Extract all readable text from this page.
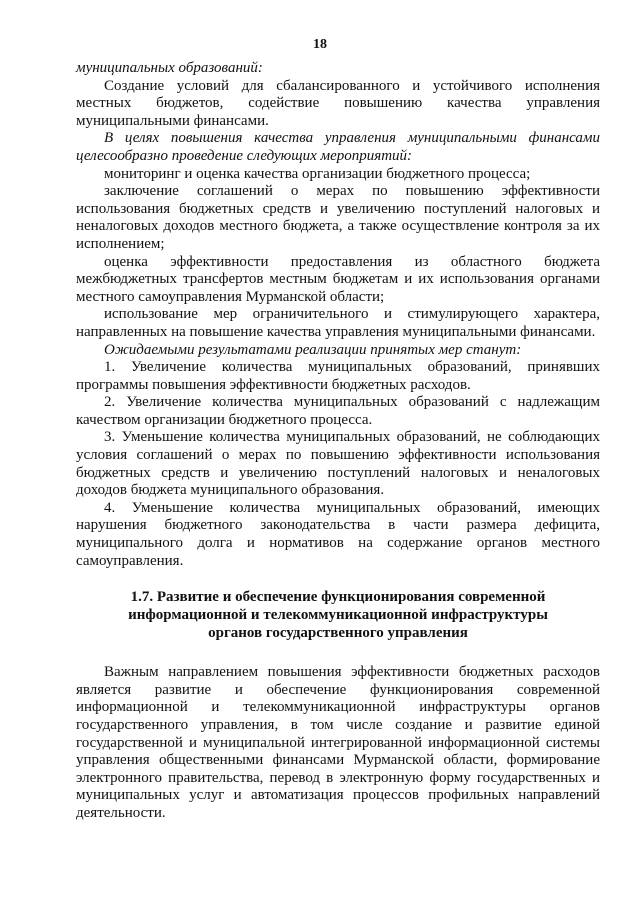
18

муниципальных образований:

Создание условий для сбалансированного и устойчивого исполнения местных бюджетов, содействие повышению качества управления муниципальными финансами.

В целях повышения качества управления муниципальными финансами целесообразно проведение следующих мероприятий:

мониторинг и оценка качества организации бюджетного процесса;

заключение соглашений о мерах по повышению эффективности использования бюджетных средств и увеличению поступлений налоговых и неналоговых доходов местного бюджета, а также осуществление контроля за их исполнением;

оценка эффективности предоставления из областного бюджета межбюджетных трансфертов местным бюджетам и их использования органами местного самоуправления Мурманской области;

использование мер ограничительного и стимулирующего характера, направленных на повышение качества управления муниципальными финансами.

Ожидаемыми результатами реализации принятых мер станут:

1. Увеличение количества муниципальных образований, принявших программы повышения эффективности бюджетных расходов.

2. Увеличение количества муниципальных образований с надлежащим качеством организации бюджетного процесса.

3. Уменьшение количества муниципальных образований, не соблюдающих условия соглашений о мерах по повышению эффективности использования бюджетных средств и увеличению поступлений налоговых и неналоговых доходов бюджета муниципального образования.

4. Уменьшение количества муниципальных образований, имеющих нарушения бюджетного законодательства в части размера дефицита, муниципального долга и нормативов на содержание органов местного самоуправления.

1.7. Развитие и обеспечение функционирования современной информационной и телекоммуникационной инфраструктуры органов государственного управления

Важным направлением повышения эффективности бюджетных расходов является развитие и обеспечение функционирования современной информационной и телекоммуникационной инфраструктуры органов государственного управления, в том числе создание и развитие единой государственной и муниципальной интегрированной информационной системы управления общественными финансами Мурманской области, формирование электронного правительства, перевод в электронную форму государственных и муниципальных услуг и автоматизация процессов профильных направлений деятельности.
